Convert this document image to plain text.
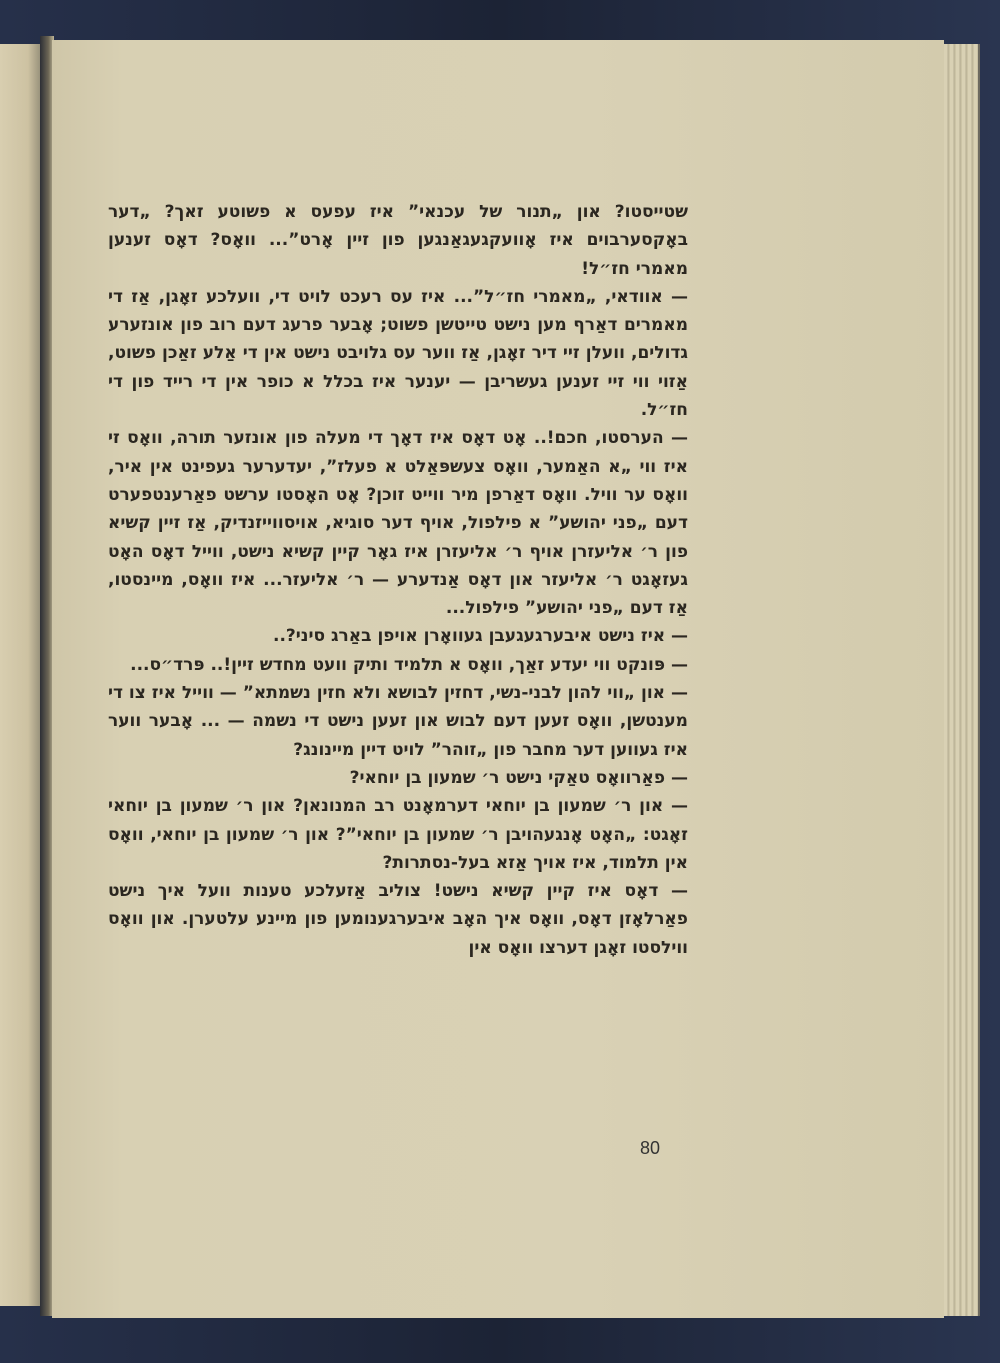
שטייסטו? און „תנור של עכנאי” איז עפעס א פשוטע זאך? „דער באָקסערבוים איז אָוועקגעגאַנגען פון זיין אָרט”... וואָס? דאָס זענען מאמרי חז״ל!

— אוודאי, „מאמרי חז״ל”... איז עס רעכט לויט די, וועלכע זאָגן, אַז די מאמרים דאַרף מען נישט טייטשן פשוט; אָבער פרעג דעם רוב פון אונזערע גדולים, וועלן זיי דיר זאָגן, אַז ווער עס גלויבט נישט אין די אַלע זאַכן פשוט, אַזוי ווי זיי זענען געשריבן — יענער איז בכלל א כופר אין די רייד פון די חז״ל.

— הערסטו, חכם!.. אָט דאָס איז דאָך די מעלה פון אונזער תורה, וואָס זי איז ווי „א האַמער, וואָס צעשפּאַלט א פעלז”, יעדערער געפינט אין איר, וואָס ער וויל. וואָס דאַרפן מיר ווייט זוכן? אָט האָסטו ערשט פאַרענטפערט דעם „פני יהושע” א פילפול, אויף דער סוגיא, אויסווייזנדיק, אַז זיין קשיא פון ר׳ אליעזרן אויף ר׳ אליעזרן איז גאָר קיין קשיא נישט, ווייל דאָס האָט געזאָגט ר׳ אליעזר און דאָס אַנדערע — ר׳ אליעזר... איז וואָס, מיינסטו, אַז דעם „פני יהושע” פילפול...

— איז נישט איבערגעגעבן געוואָרן אויפן באַרג סיני?..

— פּונקט ווי יעדע זאַך, וואָס א תלמיד ותיק וועט מחדש זיין!.. פּרד״ס...

— און „ווי להון לבני-נשי, דחזין לבושא ולא חזין נשמתא” — ווייל איז צו די מענטשן, וואָס זעען דעם לבוש און זעען נישט די נשמה — ... אָבער ווער איז געווען דער מחבר פון „זוהר” לויט דיין מיינונג?

— פאַרוואָס טאַקי נישט ר׳ שמעון בן יוחאי?

— און ר׳ שמעון בן יוחאי דערמאָנט רב המנונאן? און ר׳ שמעון בן יוחאי זאָגט: „האָט אָנגעהויבן ר׳ שמעון בן יוחאי”? און ר׳ שמעון בן יוחאי, וואָס אין תלמוד, איז אויך אַזא בעל-נסתרות?

— דאָס איז קיין קשיא נישט! צוליב אַזעלכע טענות וועל איך נישט פאַרלאָזן דאָס, וואָס איך האָב איבערגענומען פון מיינע עלטערן. און וואָס ווילסטו זאָגן דערצו וואָס אין

80
